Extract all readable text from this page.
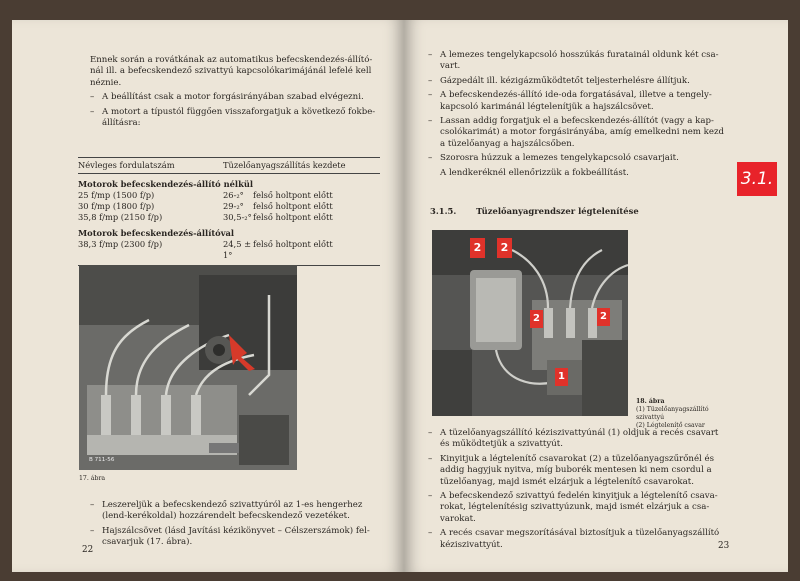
Ennek során a rovátkának az automatikus befecskendezés-állító-nál ill. a befecskendező szivattyú kapcsolókarimájánál lefelé kell néznie.

– A beállítást csak a motor forgásirányában szabad elvégezni.
– A motort a típustól függően visszaforgatjuk a következő fokbe-állításra:
Névleges fordulatszám	Tüzelőanyagszállítás kezdete
Motorok befecskendezés-állító nélkül		
25 f/mp (1500 f/p)	26-₂°	felső holtpont előtt
30 f/mp (1800 f/p)	29-₂°	felső holtpont előtt
35,8 f/mp (2150 f/p)	30,5-₂°	felső holtpont előtt
Motorok befecskendezés-állítóval		
38,3 f/mp (2300 f/p)	24,5 ± 1°	felső holtpont előtt
B 711-56
17. ábra
– Leszereljük a befecskendező szivattyúról az 1-es hengerhez (lend-kerékoldal) hozzárendelt befecskendező vezetéket.
– Hajszálcsövet (lásd Javítási kézikönyvet – Célszerszámok) fel-csavarjuk (17. ábra).
22
– A lemezes tengelykapcsoló hosszúkás furatainál oldunk két csa-vart.
– Gázpedált ill. kézigázműködtetőt teljesterhelésre állítjuk.
– A befecskendezés-állító ide-oda forgatásával, illetve a tengely-kapcsoló karimánál légtelenítjük a hajszálcsövet.
– Lassan addig forgatjuk el a befecskendezés-állítót (vagy a kap-csolókarimát) a motor forgásirányába, amíg emelkedni nem kezd a tüzelőanyag a hajszálcsőben.
– Szorosra húzzuk a lemezes tengelykapcsoló csavarjait.

A lendkeréknél ellenőrizzük a fokbeállítást.

3.1.5. Tüzelőanyagrendszer légtelenítése
2	2
2	2
1
18. ábra
(1) Tüzelőanyagszállító szivattyú
(2) Légtelenítő csavar
– A tüzelőanyagszállító kéziszivattyúnál (1) oldjuk a recés csavart és működtetjük a szivattyút.
– Kinyitjuk a légtelenítő csavarokat (2) a tüzelőanyagszűrőnél és addig hagyjuk nyitva, míg buborék mentesen ki nem csordul a tüzelőanyag, majd ismét elzárjuk a légtelenítő csavarokat.
– A befecskendező szivattyú fedelén kinyitjuk a légtelenítő csava-rokat, légtelenítésig szivattyúzunk, majd ismét elzárjuk a csa-varokat.
– A recés csavar megszorításával biztosítjuk a tüzelőanyagszállító kéziszivattyút.	23
3.1.
